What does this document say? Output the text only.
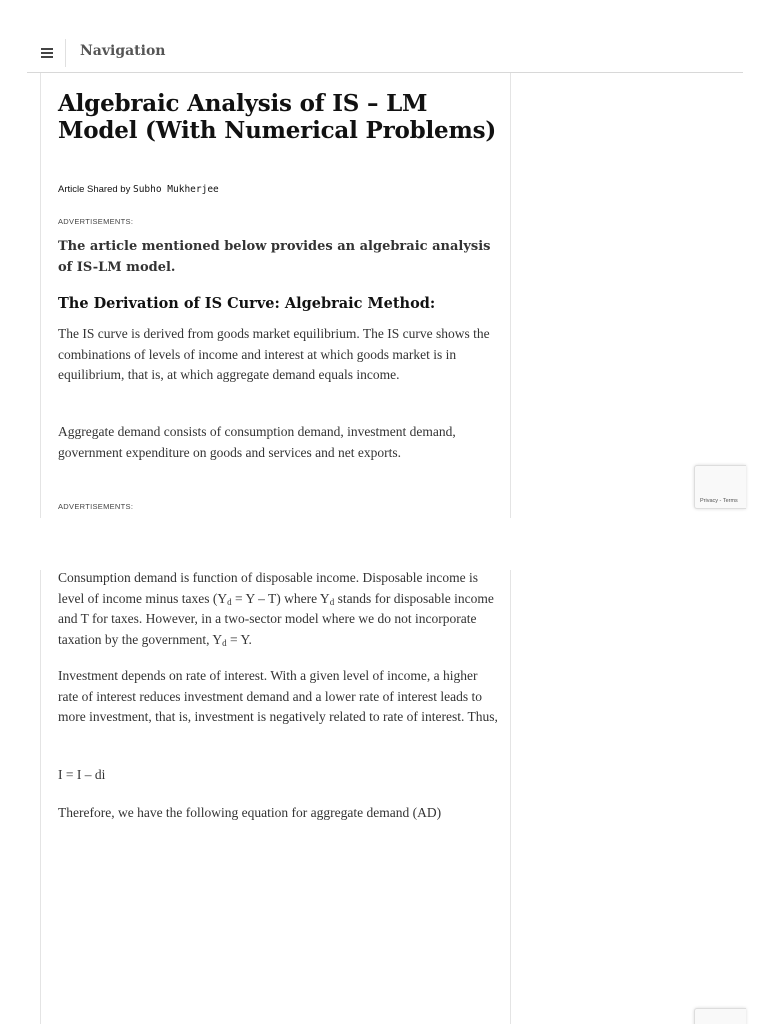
Navigation
Algebraic Analysis of IS – LM Model (With Numerical Problems)
Article Shared by Subho Mukherjee
ADVERTISEMENTS:
The article mentioned below provides an algebraic analysis of IS-LM model.
The Derivation of IS Curve: Algebraic Method:

The IS curve is derived from goods market equilibrium. The IS curve shows the combinations of levels of income and interest at which goods market is in equilibrium, that is, at which aggregate demand equals income.

Aggregate demand consists of consumption demand, investment demand, government expenditure on goods and services and net exports.

ADVERTISEMENTS:

Consumption demand is function of disposable income. Disposable income is level of income minus taxes $(Y_d = Y - T)$ where $Y_d$ stands for disposable income and T for taxes. However, in a two-sector model where we do not incorporate taxation by the government, $Y_d = Y$.

Investment depends on rate of interest. With a given level of income, a higher rate of interest reduces investment demand and a lower rate of interest leads to more investment, that is, investment is negatively related to rate of interest. Thus,

I = I – di

Therefore, we have the following equation for aggregate demand (AD)

Privacy - Terms
